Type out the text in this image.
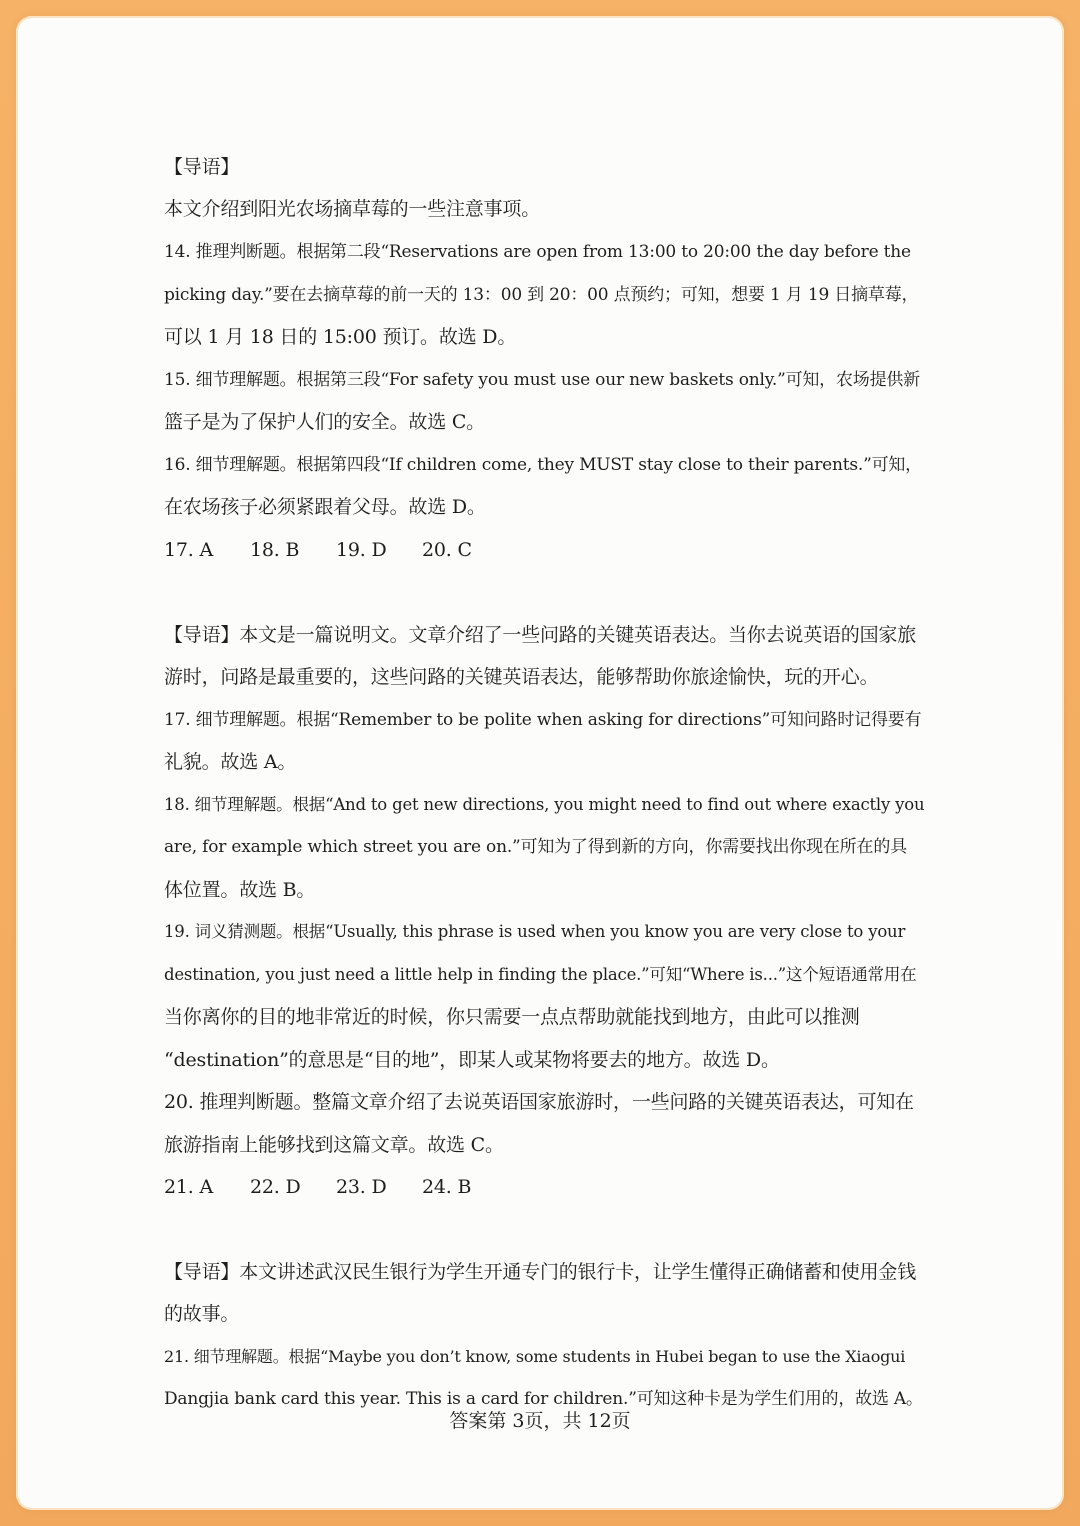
【导语】
本文介绍到阳光农场摘草莓的一些注意事项。
14. 推理判断题。根据第二段“Reservations are open from 13:00 to 20:00 the day before the
picking day.”要在去摘草莓的前一天的 13：00 到 20：00 点预约；可知，想要 1 月 19 日摘草莓，
可以 1 月 18 日的 15:00 预订。故选 D。
15. 细节理解题。根据第三段“For safety you must use our new baskets only.”可知，农场提供新
篮子是为了保护人们的安全。故选 C。
16. 细节理解题。根据第四段“If children come, they MUST stay close to their parents.”可知，
在农场孩子必须紧跟着父母。故选 D。
17. A	18. B	19. D	20. C
【导语】本文是一篇说明文。文章介绍了一些问路的关键英语表达。当你去说英语的国家旅
游时，问路是最重要的，这些问路的关键英语表达，能够帮助你旅途愉快，玩的开心。
17. 细节理解题。根据“Remember to be polite when asking for directions”可知问路时记得要有
礼貌。故选 A。
18. 细节理解题。根据“And to get new directions, you might need to find out where exactly you
are, for example which street you are on.”可知为了得到新的方向，你需要找出你现在所在的具
体位置。故选 B。
19. 词义猜测题。根据“Usually, this phrase is used when you know you are very close to your
destination, you just need a little help in finding the place.”可知“Where is...”这个短语通常用在
当你离你的目的地非常近的时候，你只需要一点点帮助就能找到地方，由此可以推测
“destination”的意思是“目的地”，即某人或某物将要去的地方。故选 D。
20. 推理判断题。整篇文章介绍了去说英语国家旅游时，一些问路的关键英语表达，可知在
旅游指南上能够找到这篇文章。故选 C。
21. A	22. D	23. D	24. B
【导语】本文讲述武汉民生银行为学生开通专门的银行卡，让学生懂得正确储蓄和使用金钱
的故事。
21. 细节理解题。根据“Maybe you don’t know, some students in Hubei began to use the Xiaogui
Dangjia bank card this year. This is a card for children.”可知这种卡是为学生们用的，故选 A。
答案第 3页，共 12页
